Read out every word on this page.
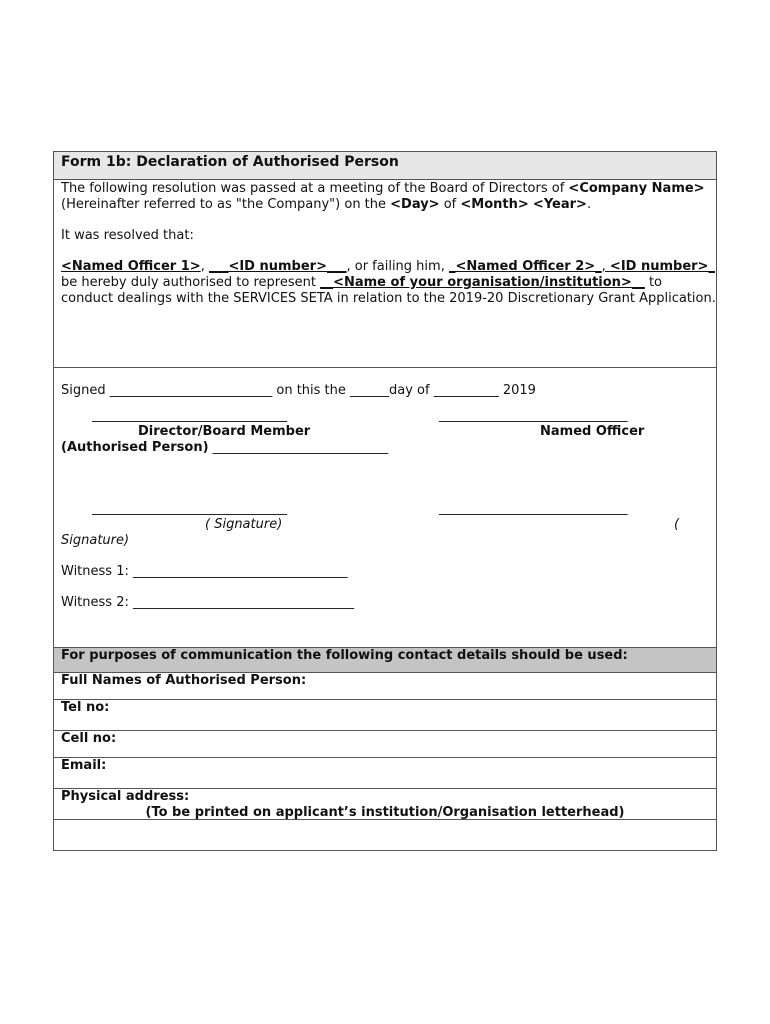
Form 1b: Declaration of Authorised Person

The following resolution was passed at a meeting of the Board of Directors of <Company Name> (Hereinafter referred to as "the Company") on the <Day> of <Month> <Year>.

It was resolved that:

<Named Officer 1>, ___<ID number>___, or failing him, _<Named Officer 2>_, <ID number>_ be hereby duly authorised to represent __<Name of your organisation/institution>__ to conduct dealings with the SERVICES SETA in relation to the 2019-20 Discretionary Grant Application.

Signed _________________________ on this the ______day of __________ 2019
______________________________	_____________________________
Director/Board Member	Named Officer
(Authorised Person) ___________________________
______________________________	_____________________________
( Signature)	(
Signature)
Witness 1: _________________________________
Witness 2: __________________________________

For purposes of communication the following contact details should be used:

Full Names of Authorised Person:

Tel no:

Cell no:

Email:

Physical address:

(To be printed on applicant’s institution/Organisation letterhead)
